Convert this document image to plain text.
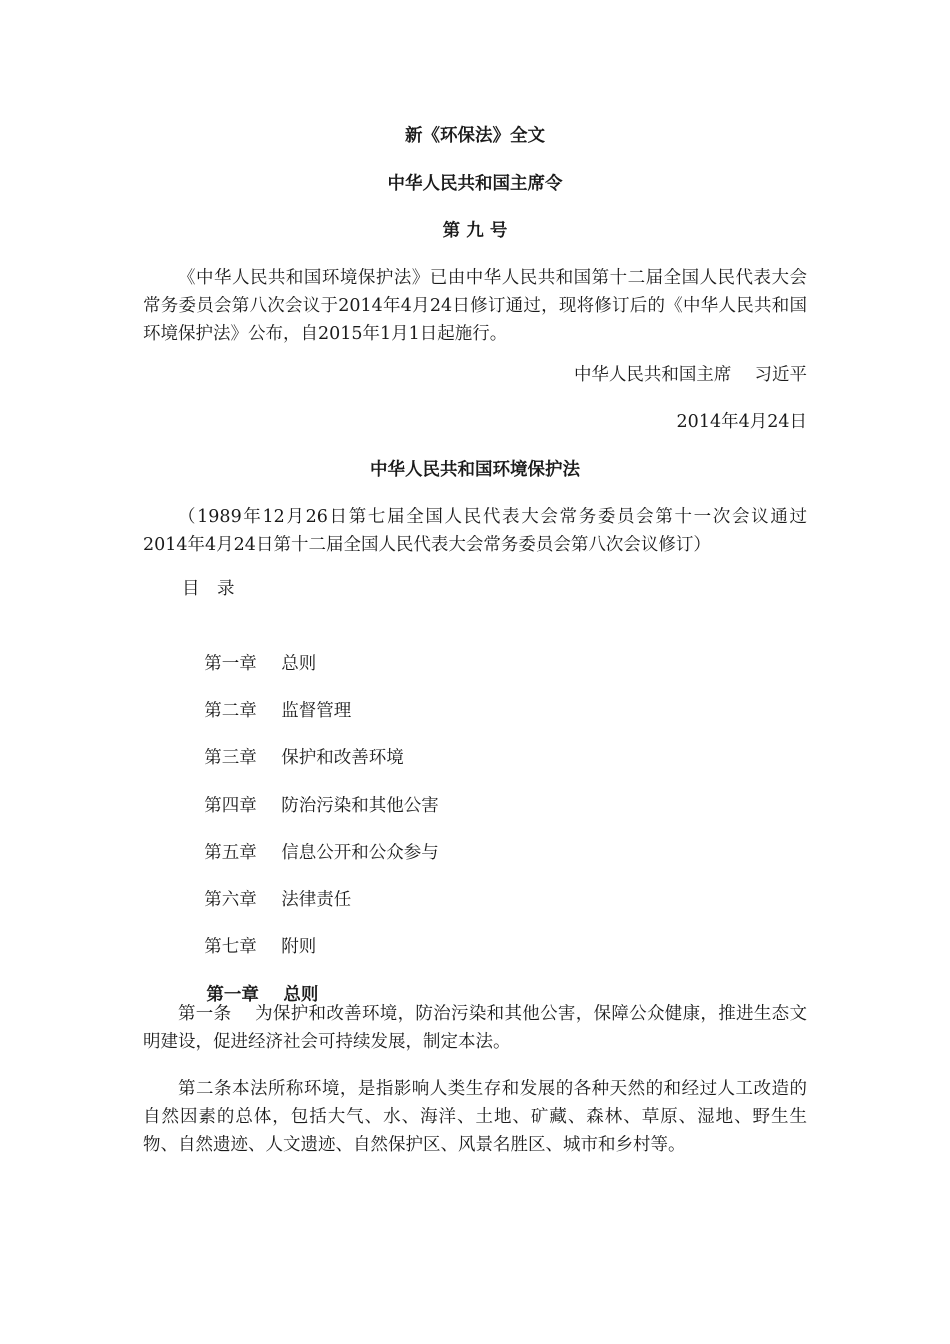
新《环保法》全文

中华人民共和国主席令

第 九 号

《中华人民共和国环境保护法》已由中华人民共和国第十二届全国人民代表大会常务委员会第八次会议于2014年4月24日修订通过，现将修订后的《中华人民共和国环境保护法》公布，自2015年1月1日起施行。

中华人民共和国主席　 习近平

2014年4月24日

中华人民共和国环境保护法

（1989年12月26日第七届全国人民代表大会常务委员会第十一次会议通过　2014年4月24日第十二届全国人民代表大会常务委员会第八次会议修订）

目　录

第一章 总则

第二章 监督管理

第三章 保护和改善环境

第四章 防治污染和其他公害

第五章 信息公开和公众参与

第六章 法律责任

第七章 附则

第一章 总则

第一条　 为保护和改善环境，防治污染和其他公害，保障公众健康，推进生态文明建设，促进经济社会可持续发展，制定本法。

第二条本法所称环境，是指影响人类生存和发展的各种天然的和经过人工改造的自然因素的总体，包括大气、水、海洋、土地、矿藏、森林、草原、湿地、野生生物、自然遗迹、人文遗迹、自然保护区、风景名胜区、城市和乡村等。
